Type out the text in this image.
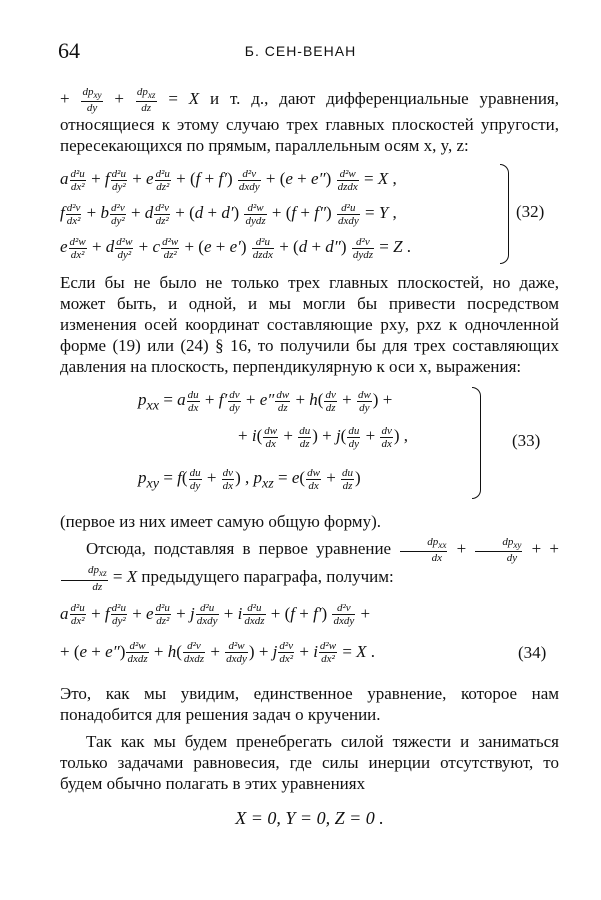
64	Б. СЕН-ВЕНАН

+ $\frac{dp_{xy}}{dy} + \frac{dp_{xz}}{dz} = X$ и т. д., дают дифференциальные уравнения, относящиеся к этому случаю трех главных плоскостей упругости, пересекающихся по прямым, параллельным осям x, y, z:

a $\frac{\text{d²u}}{\text{dx²}} + f \frac{\text{d²u}}{\text{dy²}} + e \frac{\text{d²u}}{\text{dz²}} + (f + f') \frac{\text{d²v}}{\text{dxdy}} + (e + e'') \frac{\text{d²w}}{\text{dzdx}} = X$ ,
f $\frac{\text{d²v}}{\text{dx²}} + b \frac{\text{d²v}}{\text{dy²}} + d \frac{\text{d²v}}{\text{dz²}} + (d + d') \frac{\text{d²w}}{\text{dydz}} + (f + f'') \frac{\text{d²u}}{\text{dxdy}} = Y$ ,
e $\frac{\text{d²w}}{\text{dx²}} + d \frac{\text{d²w}}{\text{dy²}} + c \frac{\text{d²w}}{\text{dz²}} + (e + e') \frac{\text{d²u}}{\text{dzdx}} + (d + d'') \frac{\text{d²v}}{\text{dydz}} = Z$ .
(32)

Если бы не было не только трех главных плоскостей, но даже, может быть, и одной, и мы могли бы привести посредством изменения осей координат составляющие pxy, pxz к одночленной форме (19) или (24) § 16, то получили бы для трех составляющих давления на плоскость, перпендикулярную к оси x, выражения:

$p_{xx} = a \frac{du}{dx} + f' \frac{dv}{dy} + e'' \frac{dw}{dz} + h( \frac{dv}{dz} + \frac{dw}{dy}$ ) +
+ $i( \frac{dw}{dx} + \frac{du}{dz}$ ) + $j( \frac{du}{dy} + \frac{dv}{dx}$ ) ,
$p_{xy} = f( \frac{du}{dy} + \frac{dv}{dx}$ ) , $p_{xz} = e( \frac{dw}{dx} + \frac{du}{dz}$ )
(33)

(первое из них имеет самую общую форму).

Отсюда, подставляя в первое уравнение $\frac{dp_{xx}}{dx} + \frac{dp_{xy}}{dy}$ + +
$\frac{dp_{xz}}{dz} = X$ предыдущего параграфа, получим:

a $\frac{\text{d²u}}{\text{dx²}} + f \frac{\text{d²u}}{\text{dy²}} + e \frac{\text{d²u}}{\text{dz²}} + j \frac{\text{d²u}}{\text{dxdy}} + i \frac{\text{d²u}}{\text{dxdz}} + (f + f') \frac{\text{d²v}}{\text{dxdy}}$ +
+ $(e + e'') \frac{\text{d²w}}{\text{dxdz}} + h( \frac{\text{d²v}}{\text{dxdz}} + \frac{\text{d²w}}{\text{dxdy}}$ ) + j $\frac{\text{d²v}}{\text{dx²}} + i \frac{\text{d²w}}{\text{dx²}} = X$ .	(34)

Это, как мы увидим, единственное уравнение, которое нам понадобится для решения задач о кручении.

Так как мы будем пренебрегать силой тяжести и заниматься только задачами равновесия, где силы инерции отсутствуют, то будем обычно полагать в этих уравнениях

X = 0, Y = 0, Z = 0 .
